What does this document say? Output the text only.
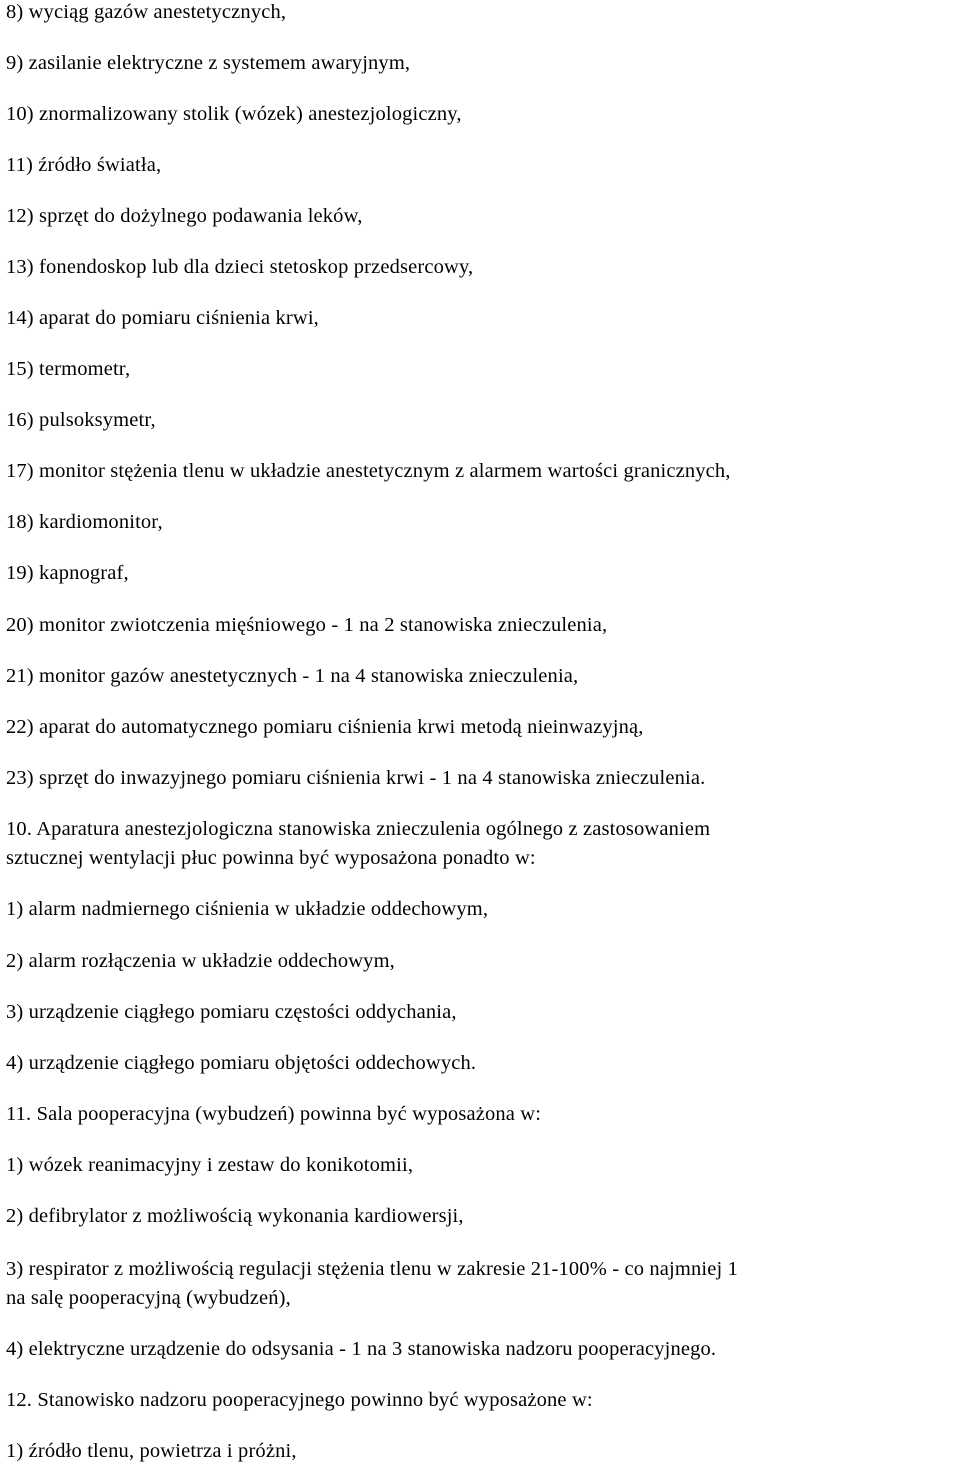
8) wyciąg gazów anestetycznych,
9) zasilanie elektryczne z systemem awaryjnym,
10) znormalizowany stolik (wózek) anestezjologiczny,
11) źródło światła,
12) sprzęt do dożylnego podawania leków,
13) fonendoskop lub dla dzieci stetoskop przedsercowy,
14) aparat do pomiaru ciśnienia krwi,
15) termometr,
16) pulsoksymetr,
17) monitor stężenia tlenu w układzie anestetycznym z alarmem wartości granicznych,
18) kardiomonitor,
19) kapnograf,
20) monitor zwiotczenia mięśniowego - 1 na 2 stanowiska znieczulenia,
21) monitor gazów anestetycznych - 1 na 4 stanowiska znieczulenia,
22) aparat do automatycznego pomiaru ciśnienia krwi metodą nieinwazyjną,
23) sprzęt do inwazyjnego pomiaru ciśnienia krwi - 1 na 4 stanowiska znieczulenia.
10. Aparatura anestezjologiczna stanowiska znieczulenia ogólnego z zastosowaniem
sztucznej wentylacji płuc powinna być wyposażona ponadto w:
1) alarm nadmiernego ciśnienia w układzie oddechowym,
2) alarm rozłączenia w układzie oddechowym,
3) urządzenie ciągłego pomiaru częstości oddychania,
4) urządzenie ciągłego pomiaru objętości oddechowych.
11. Sala pooperacyjna (wybudzeń) powinna być wyposażona w:
1) wózek reanimacyjny i zestaw do konikotomii,
2) defibrylator z możliwością wykonania kardiowersji,
3) respirator z możliwością regulacji stężenia tlenu w zakresie 21-100% - co najmniej 1
na salę pooperacyjną (wybudzeń),
4) elektryczne urządzenie do odsysania - 1 na 3 stanowiska nadzoru pooperacyjnego.
12. Stanowisko nadzoru pooperacyjnego powinno być wyposażone w:
1) źródło tlenu, powietrza i próżni,
